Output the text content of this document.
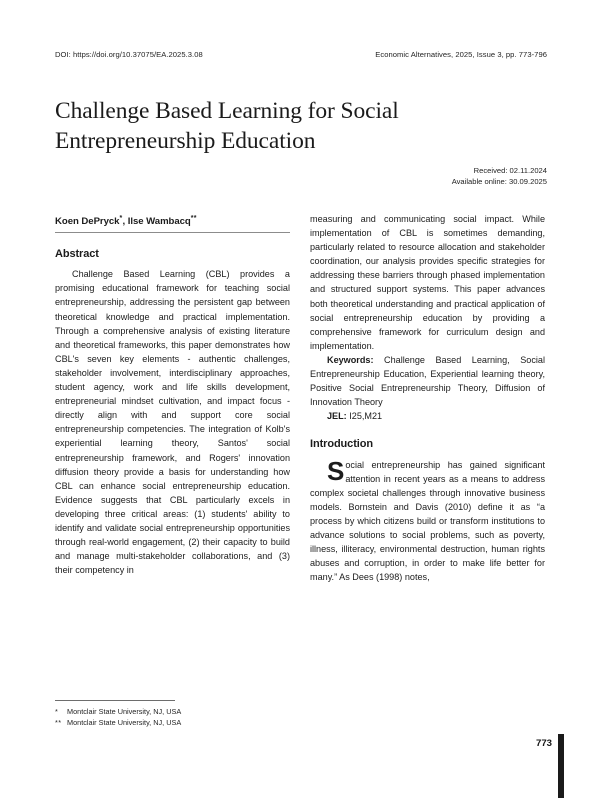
DOI: https://doi.org/10.37075/EA.2025.3.08	Economic Alternatives, 2025, Issue 3, pp. 773-796
Challenge Based Learning for Social Entrepreneurship Education
Received: 02.11.2024
Available online: 30.09.2025

Koen DePryck*, Ilse Wambacq**

Abstract

Challenge Based Learning (CBL) provides a promising educational framework for teaching social entrepreneurship, addressing the persistent gap between theoretical knowledge and practical implementation. Through a comprehensive analysis of existing literature and theoretical frameworks, this paper demonstrates how CBL's seven key elements - authentic challenges, stakeholder involvement, interdisciplinary approaches, student agency, work and life skills development, entrepreneurial mindset cultivation, and impact focus - directly align with and support core social entrepreneurship competencies. The integration of Kolb's experiential learning theory, Santos' social entrepreneurship framework, and Rogers' innovation diffusion theory provide a basis for understanding how CBL can enhance social entrepreneurship education. Evidence suggests that CBL particularly excels in developing three critical areas: (1) students' ability to identify and validate social entrepreneurship opportunities through real-world engagement, (2) their capacity to build and manage multi-stakeholder collaborations, and (3) their competency in

measuring and communicating social impact. While implementation of CBL is sometimes demanding, particularly related to resource allocation and stakeholder coordination, our analysis provides specific strategies for addressing these barriers through phased implementation and structured support systems. This paper advances both theoretical understanding and practical application of social entrepreneurship education by providing a comprehensive framework for curriculum design and implementation.

Keywords: Challenge Based Learning, Social Entrepreneurship Education, Experiential learning theory, Positive Social Entrepreneurship Theory, Diffusion of Innovation Theory

JEL: I25,M21

Introduction

Social entrepreneurship has gained significant attention in recent years as a means to address complex societal challenges through innovative business models. Bornstein and Davis (2010) define it as “a process by which citizens build or transform institutions to advance solutions to social problems, such as poverty, illness, illiteracy, environmental destruction, human rights abuses and corruption, in order to make life better for many.” As Dees (1998) notes,

*	Montclair State University, NJ, USA
** Montclair State University, NJ, USA
773
